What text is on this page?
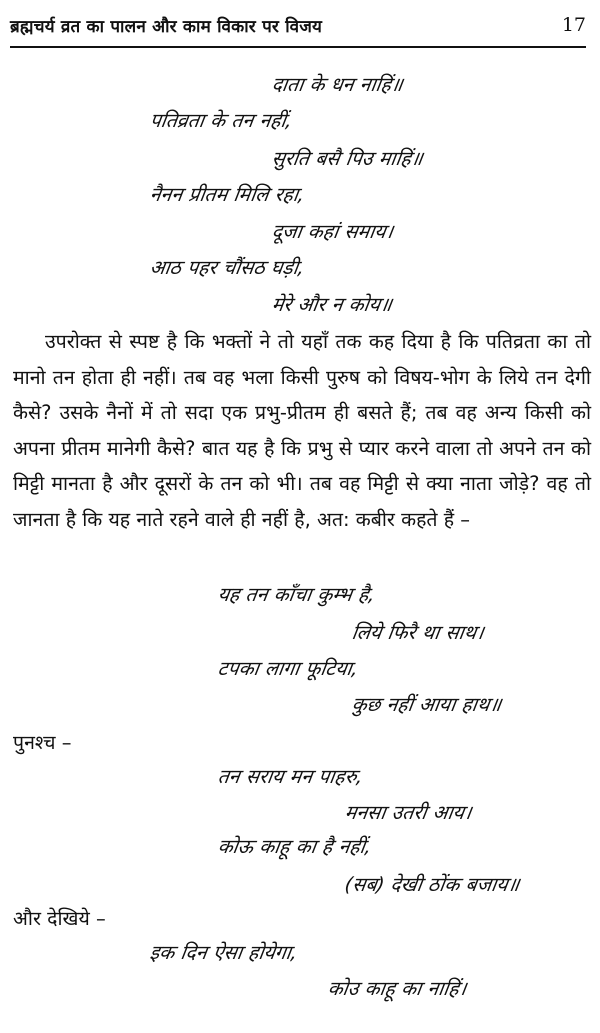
ब्रह्मचर्य व्रत का पालन और काम विकार पर विजय	17
दाता के धन नाहिं॥
पतिव्रता के तन नहीं,
सुरति बसै पिउ माहिं॥
नैनन प्रीतम मिलि रहा,
दूजा कहां समाय।
आठ पहर चौंसठ घड़ी,
मेरे और न कोय॥
उपरोक्त से स्पष्ट है कि भक्तों ने तो यहाँ तक कह दिया है कि पतिव्रता का तो मानो तन होता ही नहीं। तब वह भला किसी पुरुष को विषय-भोग के लिये तन देगी कैसे? उसके नैनों में तो सदा एक प्रभु-प्रीतम ही बसते हैं; तब वह अन्य किसी को अपना प्रीतम मानेगी कैसे? बात यह है कि प्रभु से प्यार करने वाला तो अपने तन को मिट्टी मानता है और दूसरों के तन को भी। तब वह मिट्टी से क्या नाता जोड़े? वह तो जानता है कि यह नाते रहने वाले ही नहीं है, अत: कबीर कहते हैं –
यह तन काँचा कुम्भ है,
लिये फिरै था साथ।
टपका लागा फूटिया,
कुछ नहीं आया हाथ॥
पुनश्च –
तन सराय मन पाहरु,
मनसा उतरी आय।
कोऊ काहू का है नहीं,
(सब) देखी ठोंक बजाय॥
और देखिये –
इक दिन ऐसा होयेगा,
कोउ काहू का नाहिं।
